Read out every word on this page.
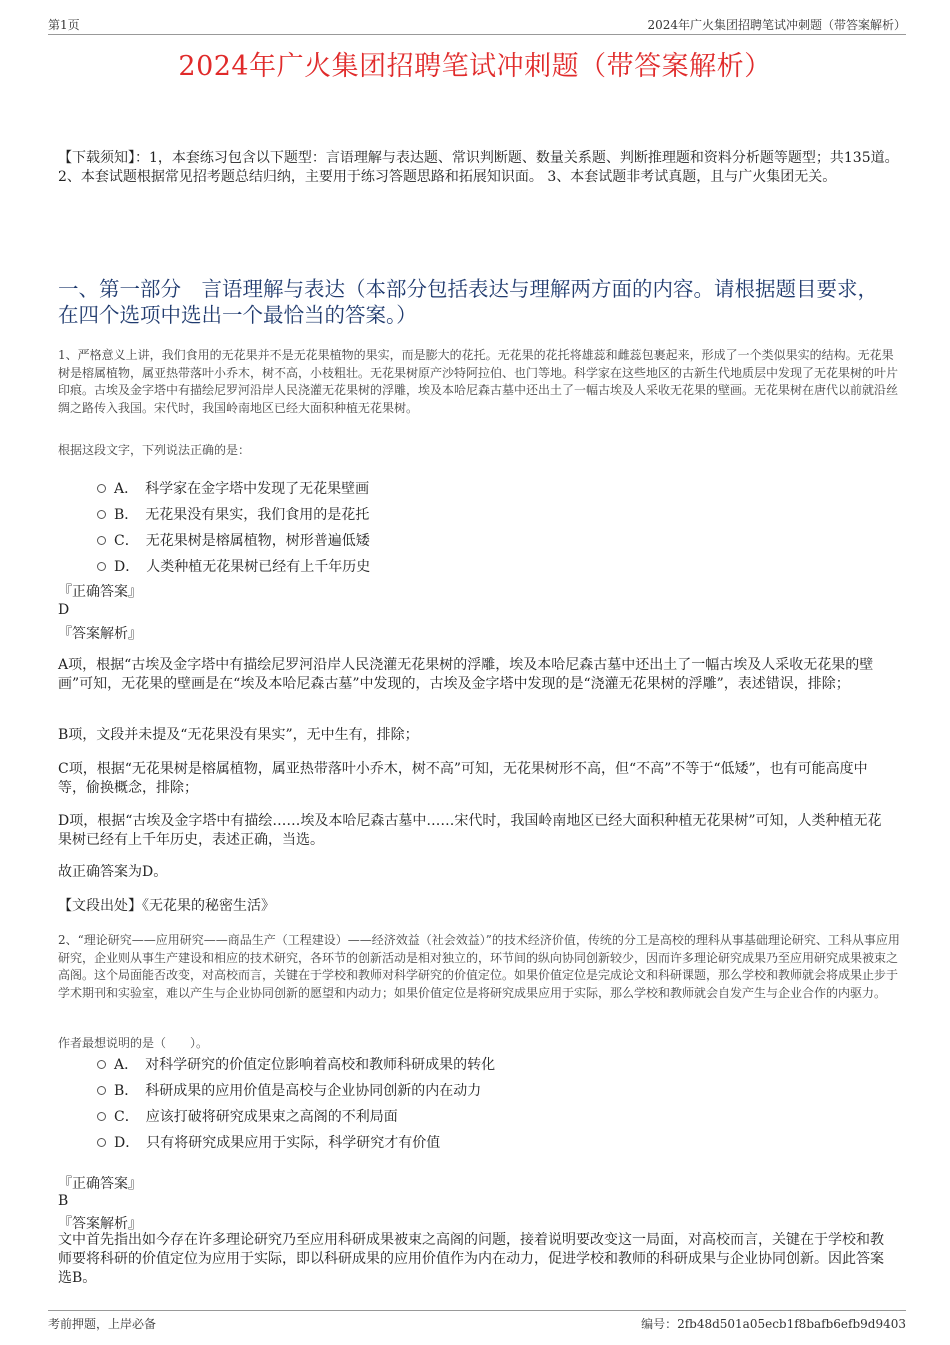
第1页	2024年广火集团招聘笔试冲刺题（带答案解析）
2024年广火集团招聘笔试冲刺题（带答案解析）
【下载须知】：1，本套练习包含以下题型：言语理解与表达题、常识判断题、数量关系题、判断推理题和资料分析题等题型；共135道。 2、本套试题根据常见招考题总结归纳，主要用于练习答题思路和拓展知识面。 3、本套试题非考试真题，且与广火集团无关。
一、第一部分　言语理解与表达（本部分包括表达与理解两方面的内容。请根据题目要求，在四个选项中选出一个最恰当的答案。）
1、严格意义上讲，我们食用的无花果并不是无花果植物的果实，而是膨大的花托。无花果的花托将雄蕊和雌蕊包裹起来，形成了一个类似果实的结构。无花果树是榕属植物，属亚热带落叶小乔木，树不高，小枝粗壮。无花果树原产沙特阿拉伯、也门等地。科学家在这些地区的古新生代地质层中发现了无花果树的叶片印痕。古埃及金字塔中有描绘尼罗河沿岸人民浇灌无花果树的浮雕，埃及本哈尼森古墓中还出土了一幅古埃及人采收无花果的壁画。无花果树在唐代以前就沿丝绸之路传入我国。宋代时，我国岭南地区已经大面积种植无花果树。
根据这段文字，下列说法正确的是：
A．　科学家在金字塔中发现了无花果壁画
B．　无花果没有果实，我们食用的是花托
C．　无花果树是榕属植物，树形普遍低矮
D．　人类种植无花果树已经有上千年历史
『正确答案』
D
『答案解析』
A项，根据“古埃及金字塔中有描绘尼罗河沿岸人民浇灌无花果树的浮雕，埃及本哈尼森古墓中还出土了一幅古埃及人采收无花果的壁画”可知，无花果的壁画是在“埃及本哈尼森古墓”中发现的，古埃及金字塔中发现的是“浇灌无花果树的浮雕”，表述错误，排除；
B项，文段并未提及“无花果没有果实”，无中生有，排除；
C项，根据“无花果树是榕属植物，属亚热带落叶小乔木，树不高”可知，无花果树形不高，但“不高”不等于“低矮”，也有可能高度中等，偷换概念，排除；
D项，根据“古埃及金字塔中有描绘……埃及本哈尼森古墓中……宋代时，我国岭南地区已经大面积种植无花果树”可知，人类种植无花果树已经有上千年历史，表述正确，当选。
故正确答案为D。
【文段出处】《无花果的秘密生活》
2、“理论研究——应用研究——商品生产（工程建设）——经济效益（社会效益）”的技术经济价值，传统的分工是高校的理科从事基础理论研究、工科从事应用研究，企业则从事生产建设和相应的技术研究，各环节的创新活动是相对独立的，环节间的纵向协同创新较少，因而许多理论研究成果乃至应用研究成果被束之高阁。这个局面能否改变，对高校而言，关键在于学校和教师对科学研究的价值定位。如果价值定位是完成论文和科研课题，那么学校和教师就会将成果止步于学术期刊和实验室，难以产生与企业协同创新的愿望和内动力；如果价值定位是将研究成果应用于实际，那么学校和教师就会自发产生与企业合作的内驱力。
作者最想说明的是（　　）。
A．　对科学研究的价值定位影响着高校和教师科研成果的转化
B．　科研成果的应用价值是高校与企业协同创新的内在动力
C．　应该打破将研究成果束之高阁的不利局面
D．　只有将研究成果应用于实际，科学研究才有价值
『正确答案』
B
『答案解析』
文中首先指出如今存在许多理论研究乃至应用科研成果被束之高阁的问题，接着说明要改变这一局面，对高校而言，关键在于学校和教师要将科研的价值定位为应用于实际，即以科研成果的应用价值作为内在动力，促进学校和教师的科研成果与企业协同创新。因此答案选B。
考前押题，上岸必备	编号：2fb48d501a05ecb1f8bafb6efb9d9403
